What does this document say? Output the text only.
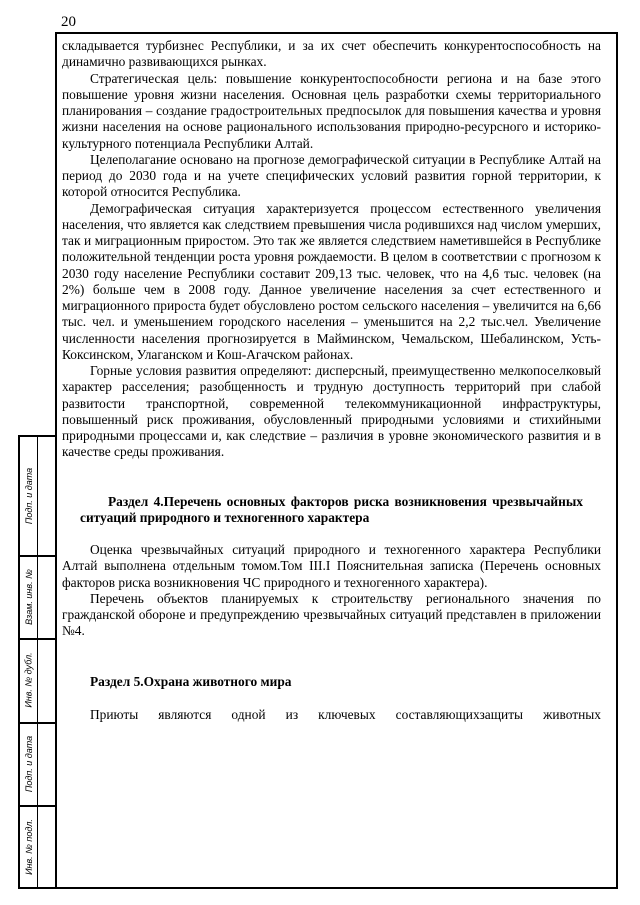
20
Подп. и дата
Взам. инв. №
Инв. № дубл.
Подп. и дата
Инв. № подл.

складывается турбизнес Республики, и за их счет обеспечить конкурентоспособность на динамично развивающихся рынках.

Стратегическая цель: повышение конкурентоспособности региона и на базе этого повышение уровня жизни населения. Основная цель разработки схемы территориального планирования – создание градостроительных предпосылок для повышения качества и уровня жизни населения на основе рационального использования природно-ресурсного и историко-культурного потенциала Республики Алтай.

Целеполагание основано на прогнозе демографической ситуации в Республике Алтай на период до 2030 года и на учете специфических условий развития горной территории, к которой относится Республика.

Демографическая ситуация характеризуется процессом естественного увеличения населения, что является как следствием превышения числа родившихся над числом умерших, так и миграционным приростом. Это так же является следствием наметившейся в Республике положительной тенденции роста уровня рождаемости. В целом в соответствии с прогнозом к 2030 году население Республики составит 209,13 тыс. человек, что на 4,6 тыс. человек (на 2%) больше чем в 2008 году. Данное увеличение населения за счет естественного и миграционного прироста будет обусловлено ростом сельского населения – увеличится на 6,66 тыс. чел. и уменьшением городского населения – уменьшится на 2,2 тыс.чел. Увеличение численности населения прогнозируется в Майминском, Чемальском, Шебалинском, Усть-Коксинском, Улаганском и Кош-Агачском районах.

Горные условия развития определяют: дисперсный, преимущественно мелкопоселковый характер расселения; разобщенность и трудную доступность территорий при слабой развитости транспортной, современной телекоммуникационной инфраструктуры, повышенный риск проживания, обусловленный природными условиями и стихийными природными процессами и, как следствие – различия в уровне экономического развития и в качестве среды проживания.

Раздел 4.Перечень основных факторов риска возникновения чрезвычайных ситуаций природного и техногенного характера

Оценка чрезвычайных ситуаций природного и техногенного характера Республики Алтай выполнена отдельным томом.Том III.I Пояснительная записка (Перечень основных факторов риска возникновения ЧС природного и техногенного характера).

Перечень объектов планируемых к строительству регионального значения по гражданской обороне и предупреждению чрезвычайных ситуаций представлен в приложении №4.

Раздел 5.Охрана животного мира

Приюты являются одной из ключевых составляющихзащиты животных
